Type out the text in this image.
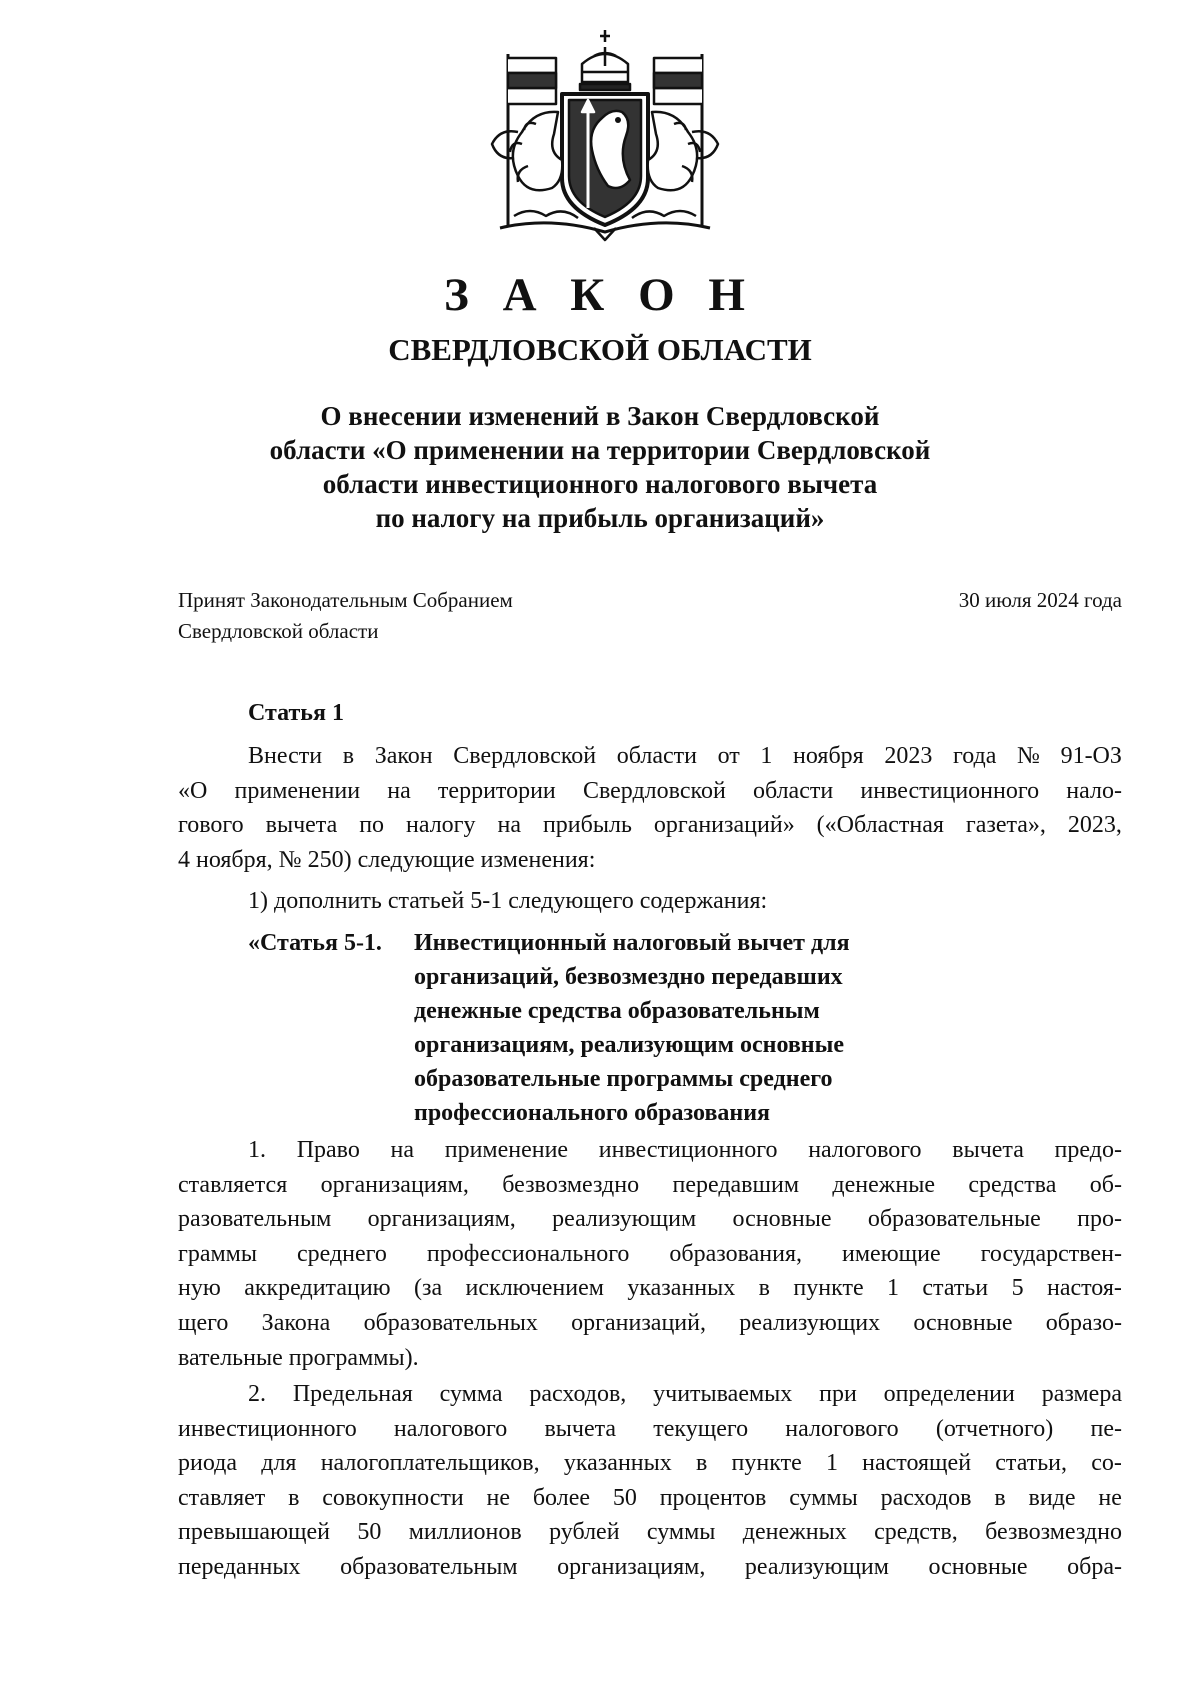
З А К О Н
СВЕРДЛОВСКОЙ ОБЛАСТИ
О внесении изменений в Закон Свердловской
области «О применении на территории Свердловской
области инвестиционного налогового вычета
по налогу на прибыль организаций»
Принят Законодательным Собранием
Свердловской области
30 июля 2024 года
Статья 1
Внести в Закон Свердловской области от 1 ноября 2023 года № 91-ОЗ
«О применении на территории Свердловской области инвестиционного нало-
гового вычета по налогу на прибыль организаций» («Областная газета», 2023,
4 ноября, № 250) следующие изменения:
1) дополнить статьей 5-1 следующего содержания:
«Статья 5-1. Инвестиционный налоговый вычет для
организаций, безвозмездно передавших
денежные средства образовательным
организациям, реализующим основные
образовательные программы среднего
профессионального образования
1. Право на применение инвестиционного налогового вычета предо-
ставляется организациям, безвозмездно передавшим денежные средства об-
разовательным организациям, реализующим основные образовательные про-
граммы среднего профессионального образования, имеющие государствен-
ную аккредитацию (за исключением указанных в пункте 1 статьи 5 настоя-
щего Закона образовательных организаций, реализующих основные образо-
вательные программы).
2. Предельная сумма расходов, учитываемых при определении размера
инвестиционного налогового вычета текущего налогового (отчетного) пе-
риода для налогоплательщиков, указанных в пункте 1 настоящей статьи, со-
ставляет в совокупности не более 50 процентов суммы расходов в виде не
превышающей 50 миллионов рублей суммы денежных средств, безвозмездно
переданных образовательным организациям, реализующим основные обра-
